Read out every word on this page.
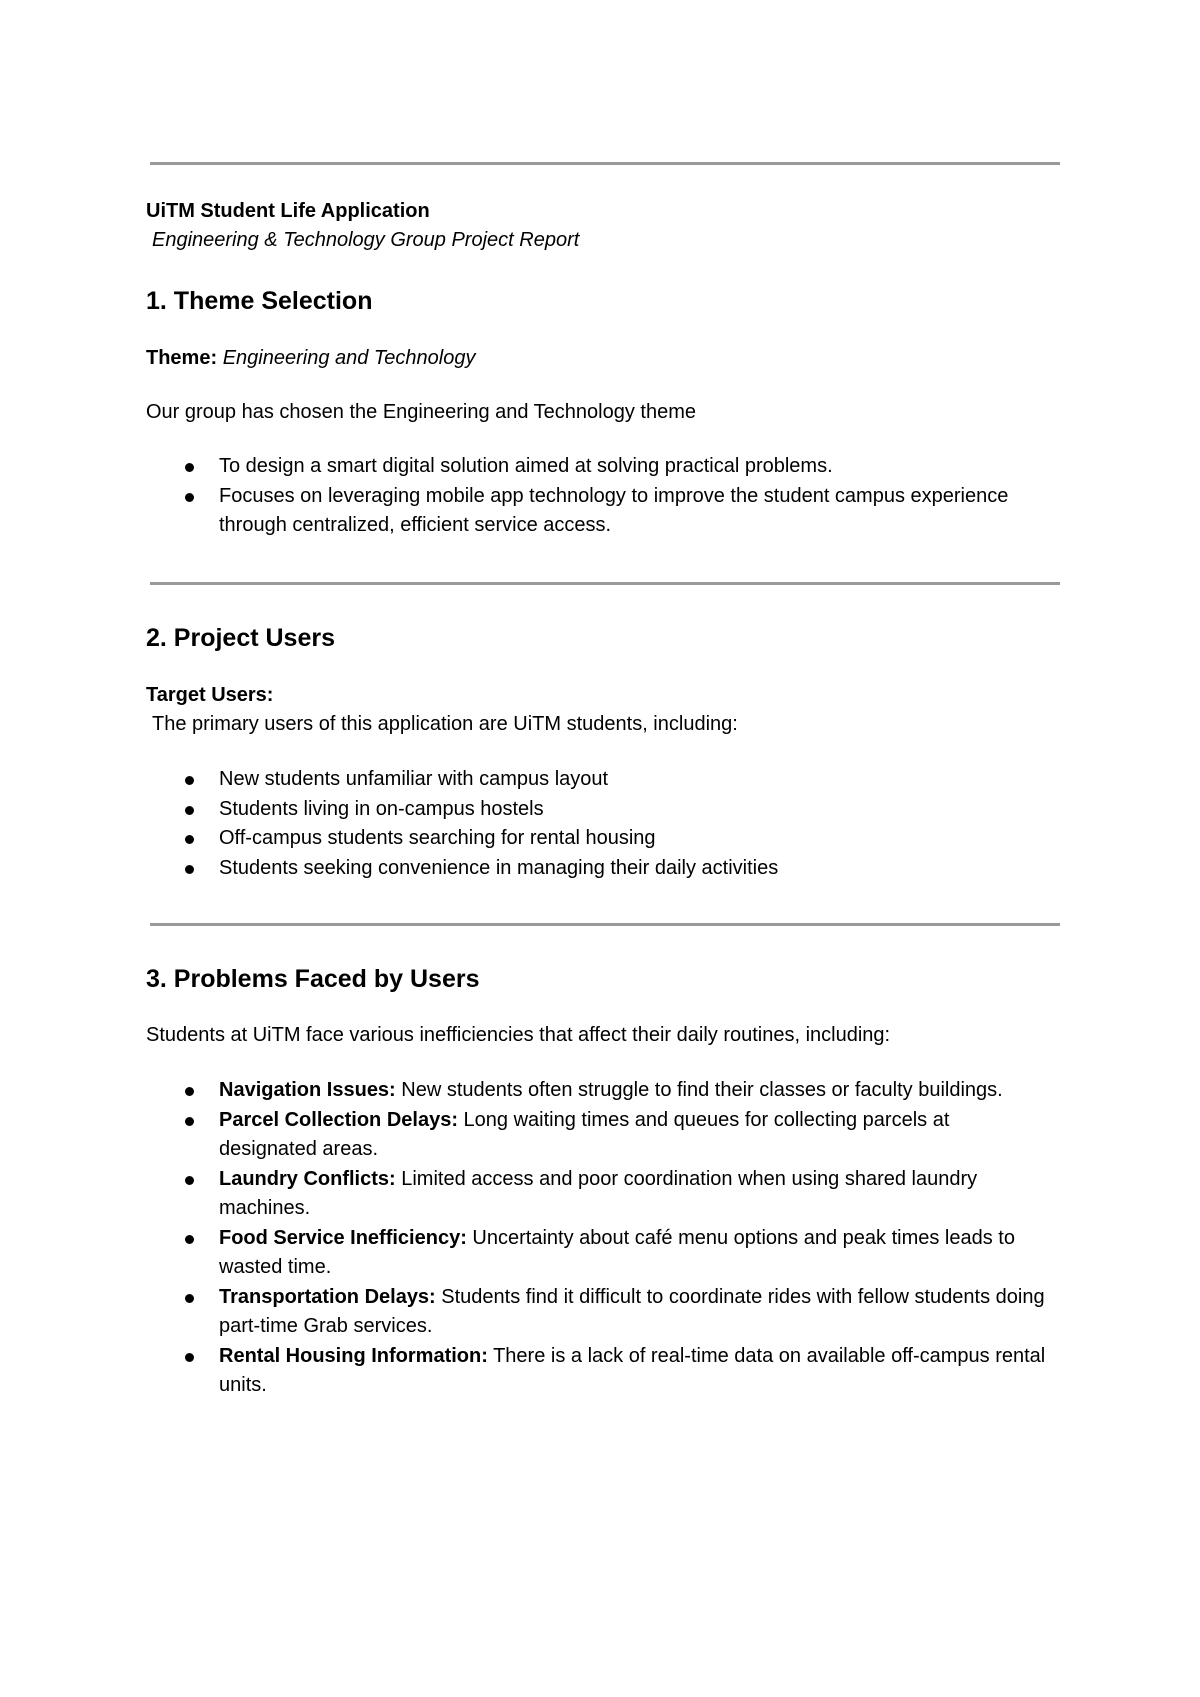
UiTM Student Life Application
Engineering & Technology Group Project Report
1. Theme Selection
Theme: Engineering and Technology
Our group has chosen the Engineering and Technology theme
To design a smart digital solution aimed at solving practical problems.
Focuses on leveraging mobile app technology to improve the student campus experience through centralized, efficient service access.
2. Project Users
Target Users:
The primary users of this application are UiTM students, including:
New students unfamiliar with campus layout
Students living in on-campus hostels
Off-campus students searching for rental housing
Students seeking convenience in managing their daily activities
3. Problems Faced by Users
Students at UiTM face various inefficiencies that affect their daily routines, including:
Navigation Issues: New students often struggle to find their classes or faculty buildings.
Parcel Collection Delays: Long waiting times and queues for collecting parcels at designated areas.
Laundry Conflicts: Limited access and poor coordination when using shared laundry machines.
Food Service Inefficiency: Uncertainty about café menu options and peak times leads to wasted time.
Transportation Delays: Students find it difficult to coordinate rides with fellow students doing part-time Grab services.
Rental Housing Information: There is a lack of real-time data on available off-campus rental units.
